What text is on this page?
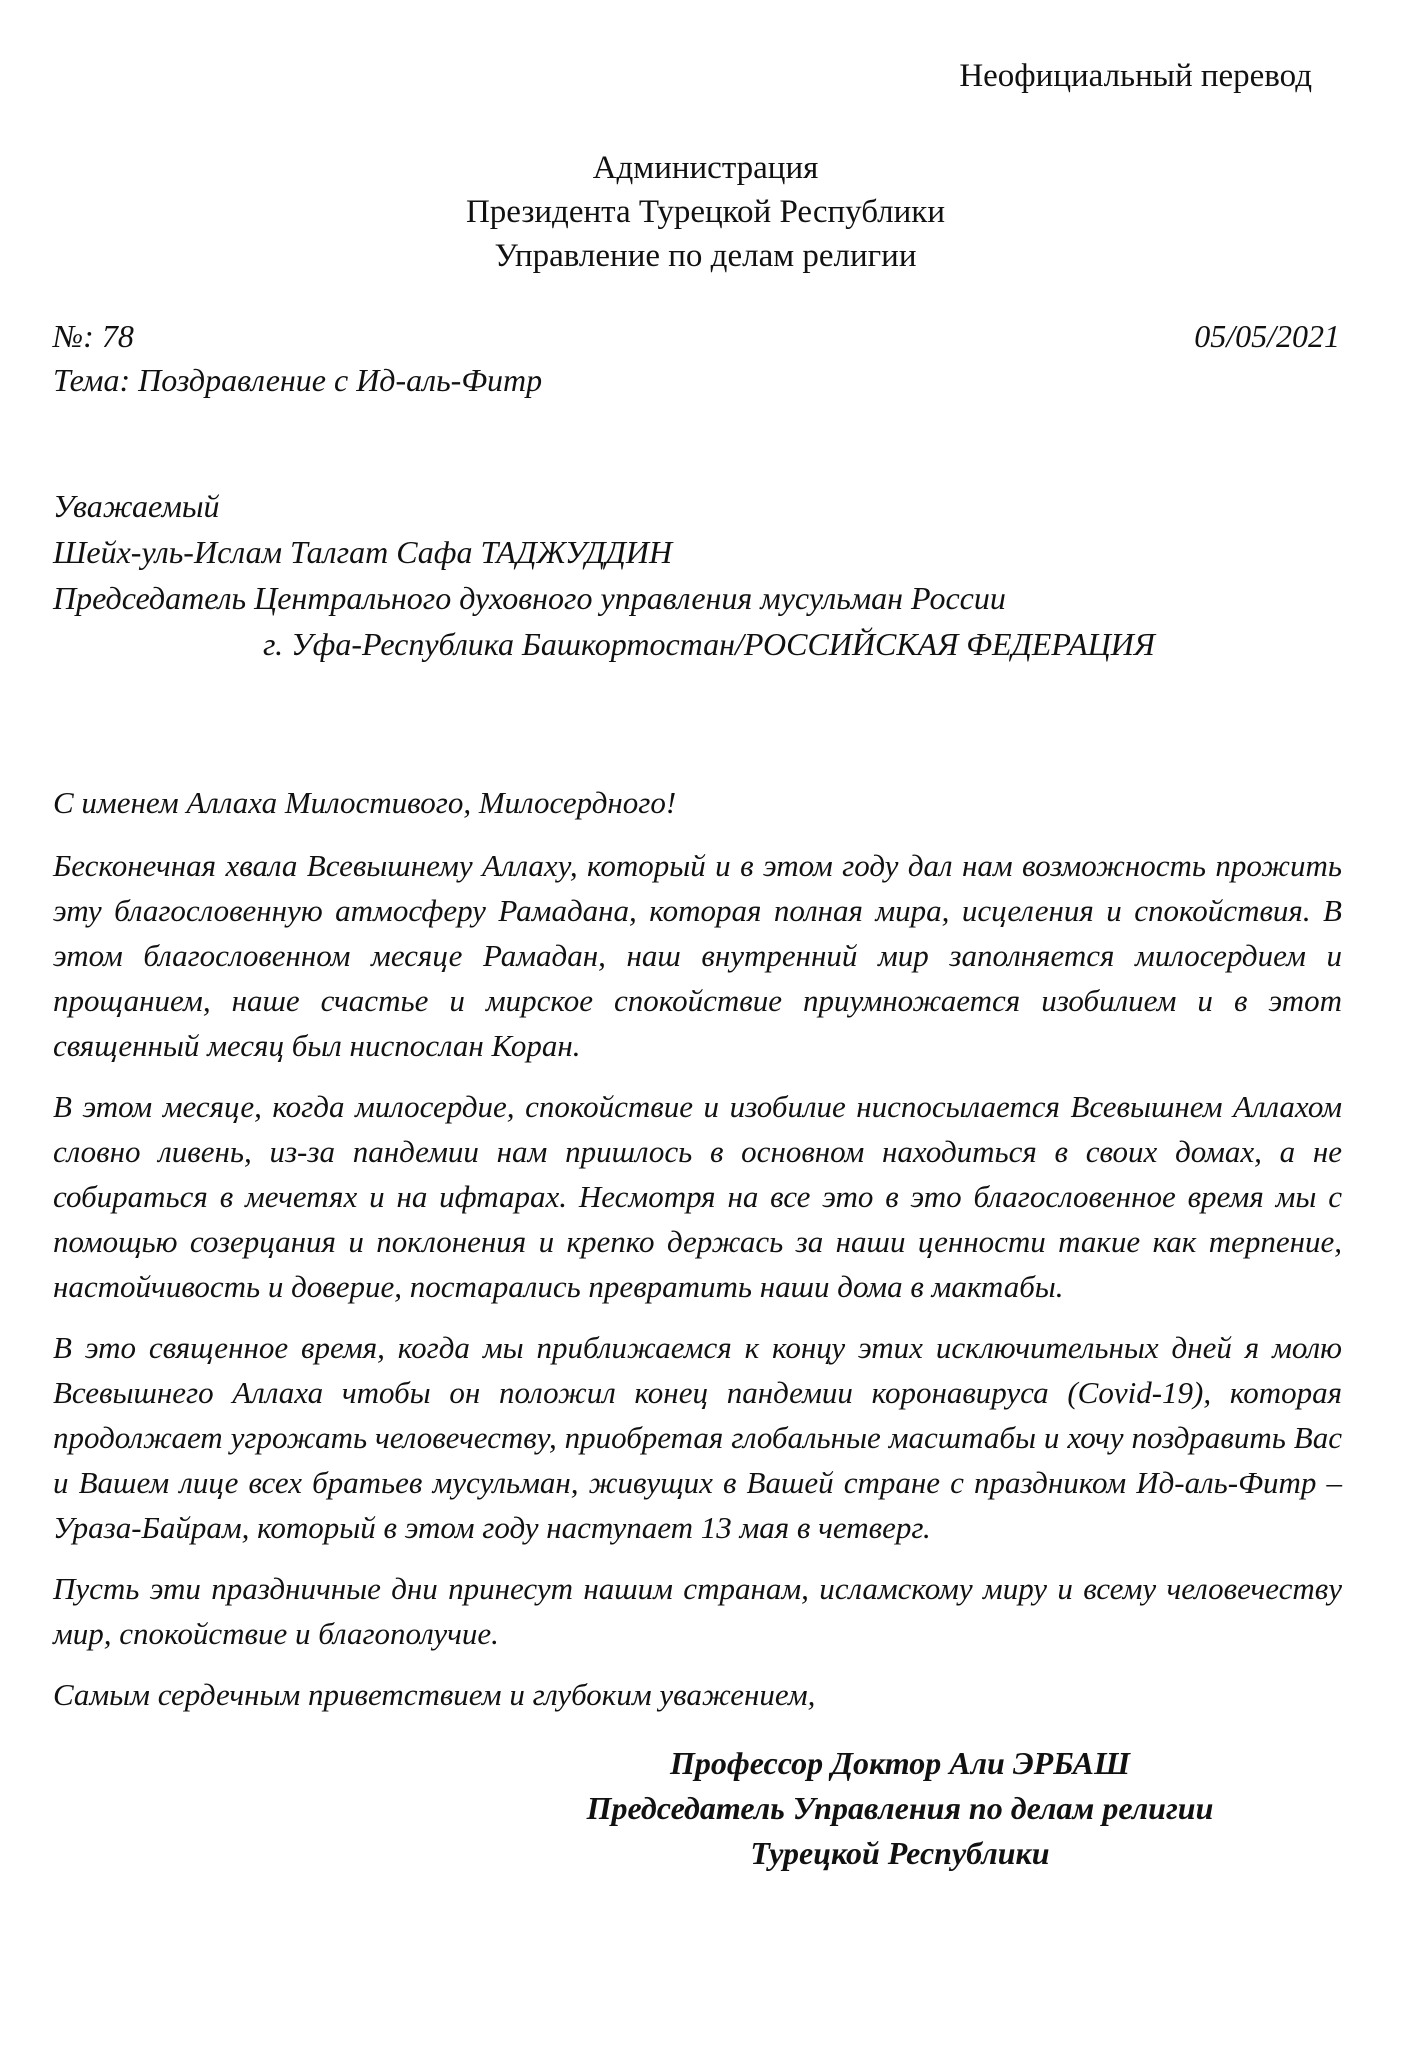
Неофициальный перевод
Администрация
Президента Турецкой Республики
Управление по делам религии
№: 78	05/05/2021
Тема: Поздравление с Ид-аль-Фитр
Уважаемый
Шейх-уль-Ислам Талгат Сафа ТАДЖУДДИН
Председатель Центрального духовного управления мусульман России
г. Уфа-Республика Башкортостан/РОССИЙСКАЯ ФЕДЕРАЦИЯ

С именем Аллаха Милостивого, Милосердного!

Бесконечная хвала Всевышнему Аллаху, который и в этом году дал нам возможность прожить эту благословенную атмосферу Рамадана, которая полная мира, исцеления и спокойствия. В этом благословенном месяце Рамадан, наш внутренний мир заполняется милосердием и прощанием, наше счастье и мирское спокойствие приумножается изобилием и в этот священный месяц был ниспослан Коран.

В этом месяце, когда милосердие, спокойствие и изобилие ниспосылается Всевышнем Аллахом словно ливень, из-за пандемии нам пришлось в основном находиться в своих домах, а не собираться в мечетях и на ифтарах. Несмотря на все это в это благословенное время мы с помощью созерцания и поклонения и крепко держась за наши ценности такие как терпение, настойчивость и доверие, постарались превратить наши дома в мактабы.

В это священное время, когда мы приближаемся к концу этих исключительных дней я молю Всевышнего Аллаха чтобы он положил конец пандемии коронавируса (Covid-19), которая продолжает угрожать человечеству, приобретая глобальные масштабы и хочу поздравить Вас и Вашем лице всех братьев мусульман, живущих в Вашей стране с праздником Ид-аль-Фитр – Ураза-Байрам, который в этом году наступает 13 мая в четверг.

Пусть эти праздничные дни принесут нашим странам, исламскому миру и всему человечеству мир, спокойствие и благополучие.

Самым сердечным приветствием и глубоким уважением,

Профессор Доктор Али ЭРБАШ
Председатель Управления по делам религии
Турецкой Республики
